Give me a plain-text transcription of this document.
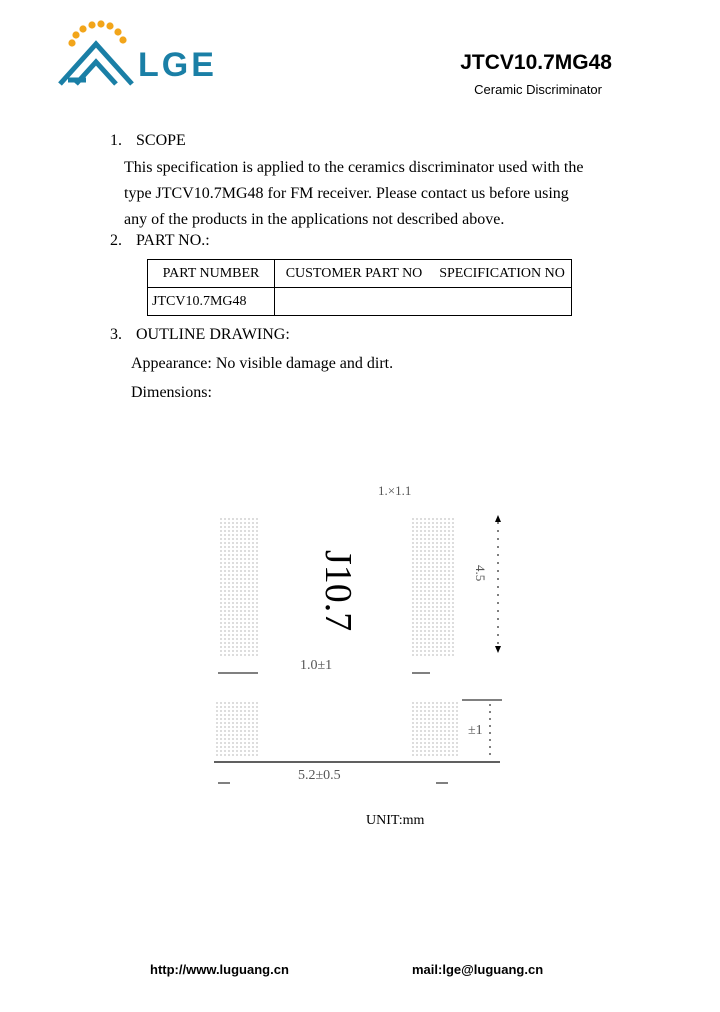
LGE	JTCV10.7MG48
Ceramic Discriminator
1. SCOPE
This specification is applied to the ceramics discriminator used with the
type JTCV10.7MG48 for FM receiver. Please contact us before using
any of the products in the applications not described above.
2. PART NO.:
PART NUMBER	CUSTOMER PART NO	SPECIFICATION NO
JTCV10.7MG48		
3. OUTLINE DRAWING:
Appearance: No visible damage and dirt.
Dimensions:
1.×1.1
J10.7	4.5
1.0±1
±1
5.2±0.5
UNIT:mm
http://www.luguang.cn	mail:lge@luguang.cn
